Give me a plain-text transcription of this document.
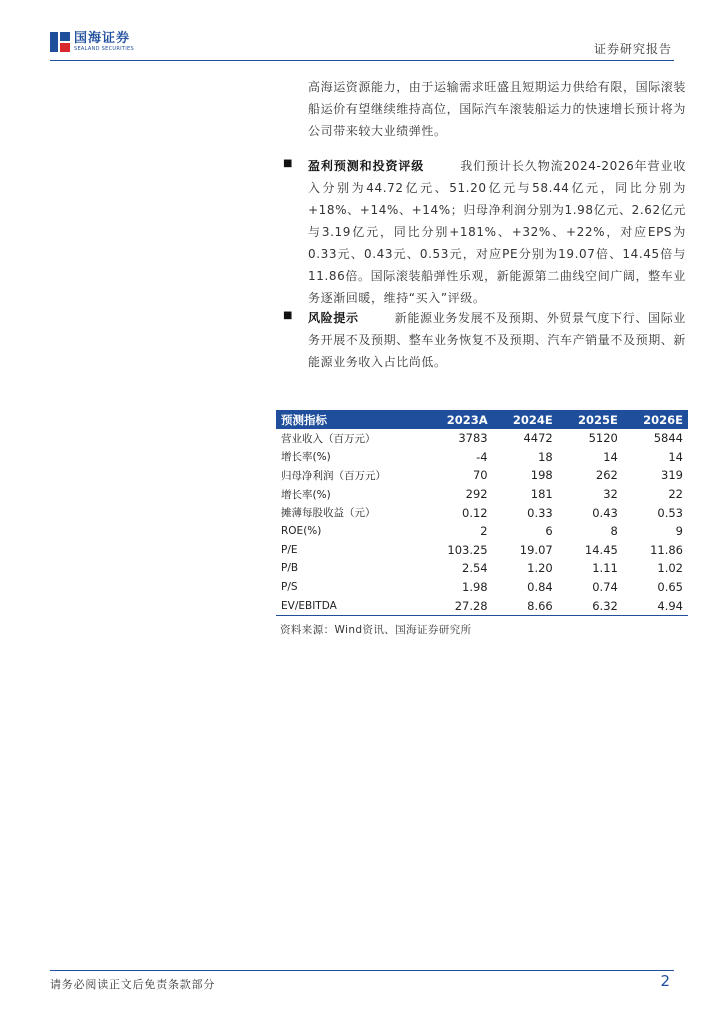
国海证券
SEALAND SECURITIES	证券研究报告
高海运资源能力，由于运输需求旺盛且短期运力供给有限，国际滚装船运价有望继续维持高位，国际汽车滚装船运力的快速增长预计将为公司带来较大业绩弹性。
■ 盈利预测和投资评级	我们预计长久物流2024-2026年营业收入分别为44.72亿元、51.20亿元与58.44亿元，同比分别为+18%、+14%、+14%；归母净利润分别为1.98亿元、2.62亿元与3.19亿元，同比分别+181%、+32%、+22%，对应EPS为 0.33元、0.43元、0.53元，对应PE分别为19.07倍、14.45倍与11.86倍。国际滚装船弹性乐观，新能源第二曲线空间广阔，整车业务逐渐回暖，维持“买入”评级。
■ 风险提示	新能源业务发展不及预期、外贸景气度下行、国际业务开展不及预期、整车业务恢复不及预期、汽车产销量不及预期、新能源业务收入占比尚低。
预测指标	2023A	2024E	2025E	2026E
营业收入（百万元）	3783	4472	5120	5844
增长率(%)	-4	18	14	14
归母净利润（百万元）	70	198	262	319
增长率(%)	292	181	32	22
摊薄每股收益（元）	0.12	0.33	0.43	0.53
ROE(%)	2	6	8	9
P/E	103.25	19.07	14.45	11.86
P/B	2.54	1.20	1.11	1.02
P/S	1.98	0.84	0.74	0.65
EV/EBITDA	27.28	8.66	6.32	4.94
资料来源：Wind资讯、国海证券研究所
请务必阅读正文后免责条款部分	2
